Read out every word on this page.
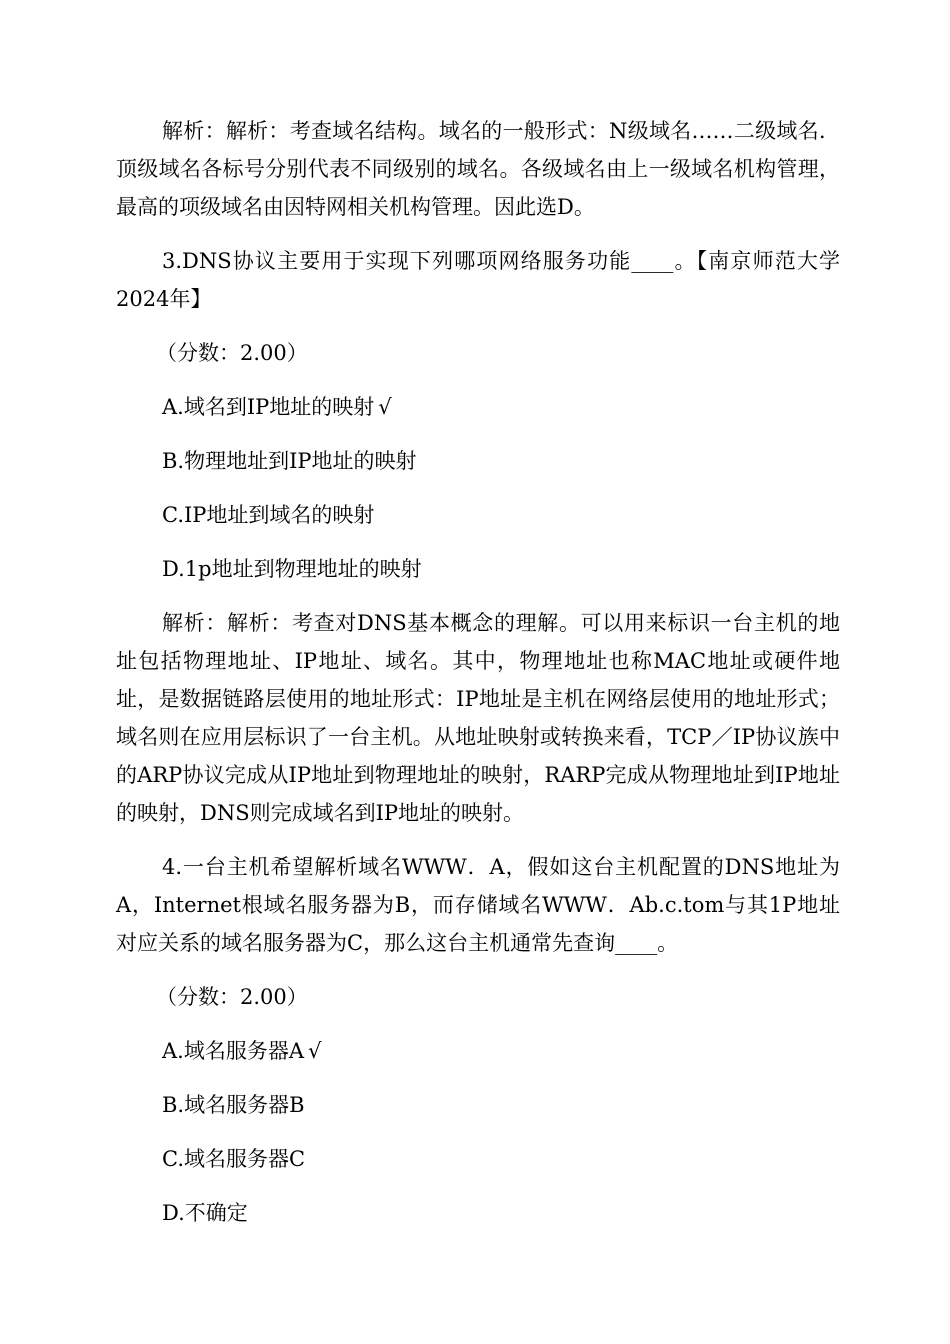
解析：解析：考查域名结构。域名的一般形式：N级域名……二级域名．顶级域名各标号分别代表不同级别的域名。各级域名由上一级域名机构管理，最高的项级域名由因特网相关机构管理。因此选D。

3.DNS协议主要用于实现下列哪项网络服务功能____。【南京师范大学2024年】

（分数：2.00）

A.域名到IP地址的映射 √

B.物理地址到IP地址的映射

C.IP地址到域名的映射

D.1p地址到物理地址的映射

解析：解析：考查对DNS基本概念的理解。可以用来标识一台主机的地址包括物理地址、IP地址、域名。其中，物理地址也称MAC地址或硬件地址，是数据链路层使用的地址形式：IP地址是主机在网络层使用的地址形式；域名则在应用层标识了一台主机。从地址映射或转换来看，TCP／IP协议族中的ARP协议完成从IP地址到物理地址的映射，RARP完成从物理地址到IP地址的映射，DNS则完成域名到IP地址的映射。

4.一台主机希望解析域名WWW．A，假如这台主机配置的DNS地址为A，Internet根域名服务器为B，而存储域名WWW．Ab.c.tom与其1P地址对应关系的域名服务器为C，那么这台主机通常先查询____。

（分数：2.00）

A.域名服务器A √

B.域名服务器B

C.域名服务器C

D.不确定
